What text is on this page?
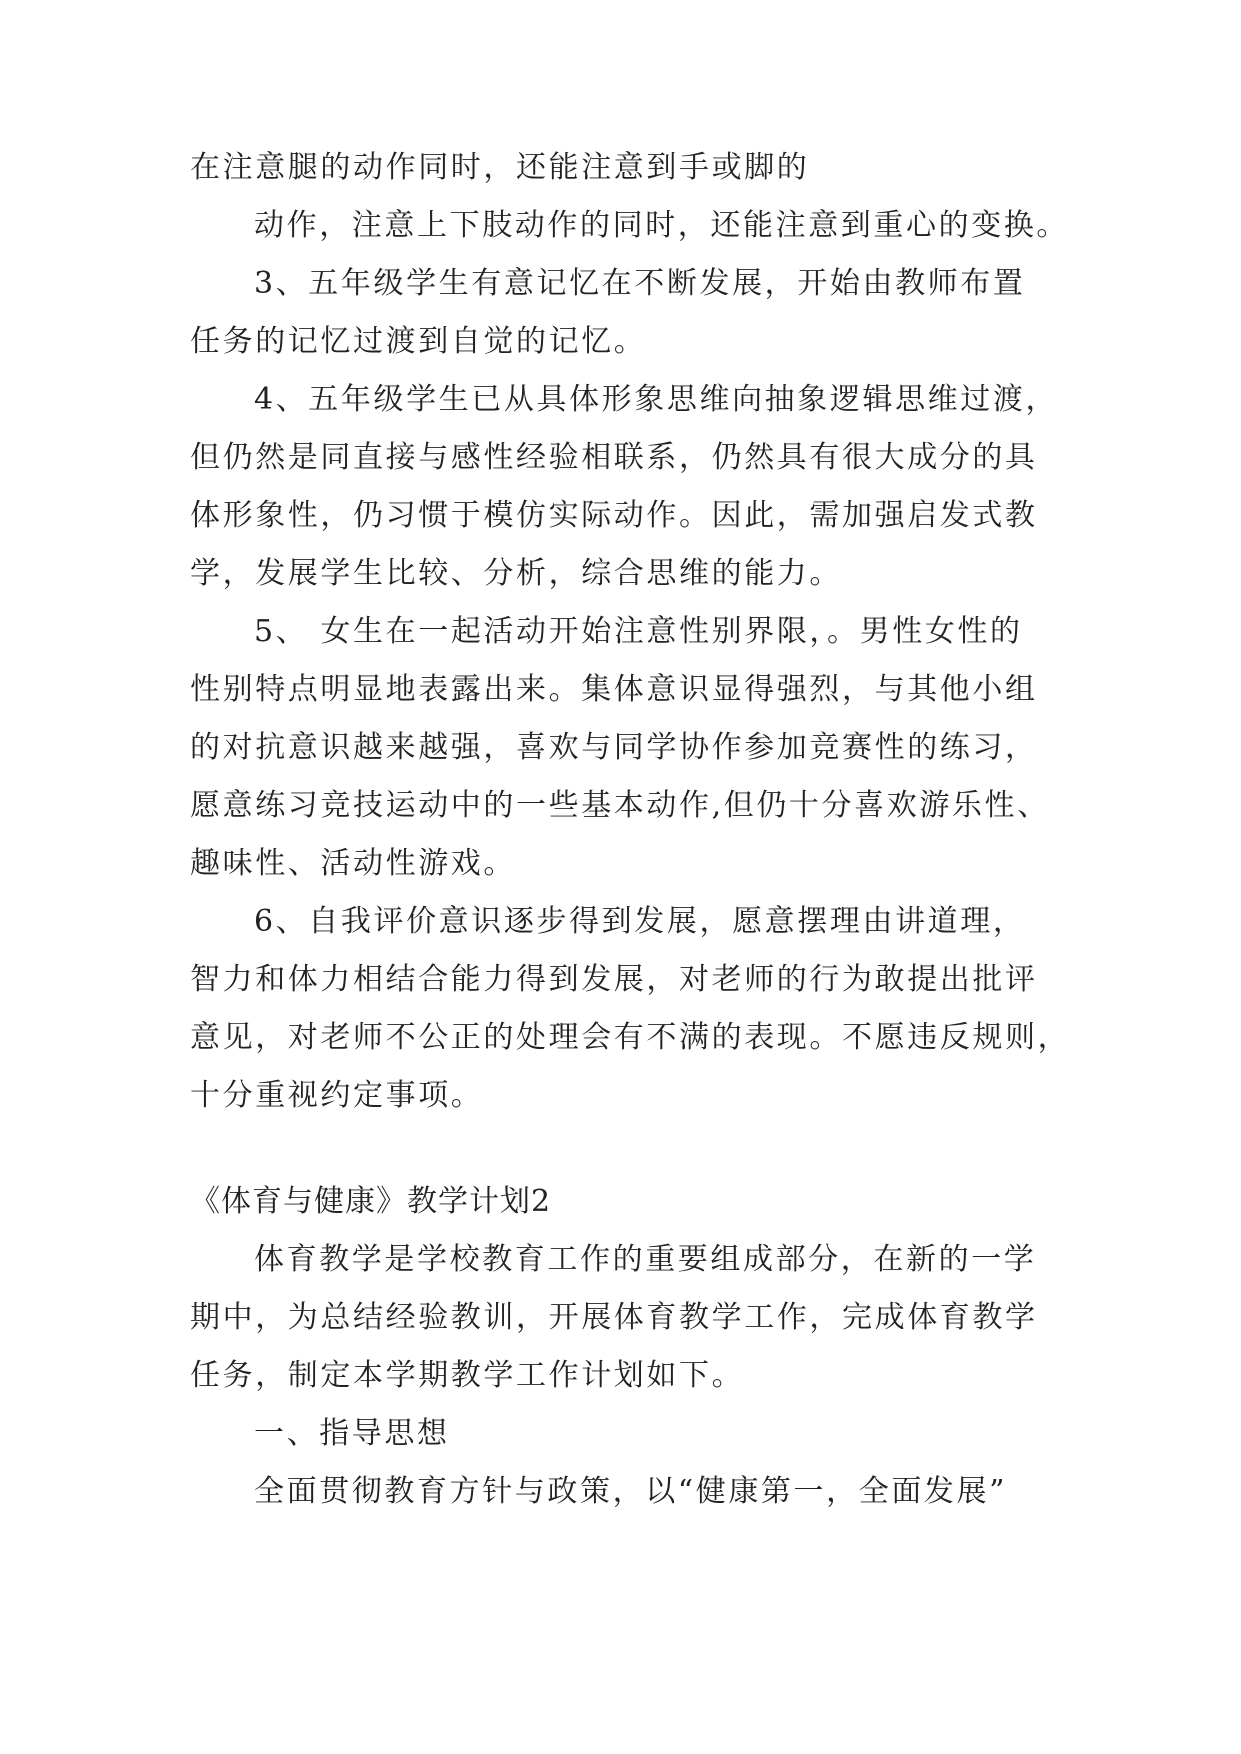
在注意腿的动作同时，还能注意到手或脚的
动作，注意上下肢动作的同时，还能注意到重心的变换。
3、五年级学生有意记忆在不断发展，开始由教师布置
任务的记忆过渡到自觉的记忆。
4、五年级学生已从具体形象思维向抽象逻辑思维过渡，
但仍然是同直接与感性经验相联系，仍然具有很大成分的具
体形象性，仍习惯于模仿实际动作。因此，需加强启发式教
学，发展学生比较、分析，综合思维的能力。
5、 女生在一起活动开始注意性别界限，。男性女性的
性别特点明显地表露出来。集体意识显得强烈，与其他小组
的对抗意识越来越强，喜欢与同学协作参加竞赛性的练习，
愿意练习竞技运动中的一些基本动作,但仍十分喜欢游乐性、
趣味性、活动性游戏。
6、自我评价意识逐步得到发展，愿意摆理由讲道理，
智力和体力相结合能力得到发展，对老师的行为敢提出批评
意见，对老师不公正的处理会有不满的表现。不愿违反规则，
十分重视约定事项。
《体育与健康》教学计划2
体育教学是学校教育工作的重要组成部分，在新的一学
期中，为总结经验教训，开展体育教学工作，完成体育教学
任务，制定本学期教学工作计划如下。
一、指导思想
全面贯彻教育方针与政策，以“健康第一，全面发展”
